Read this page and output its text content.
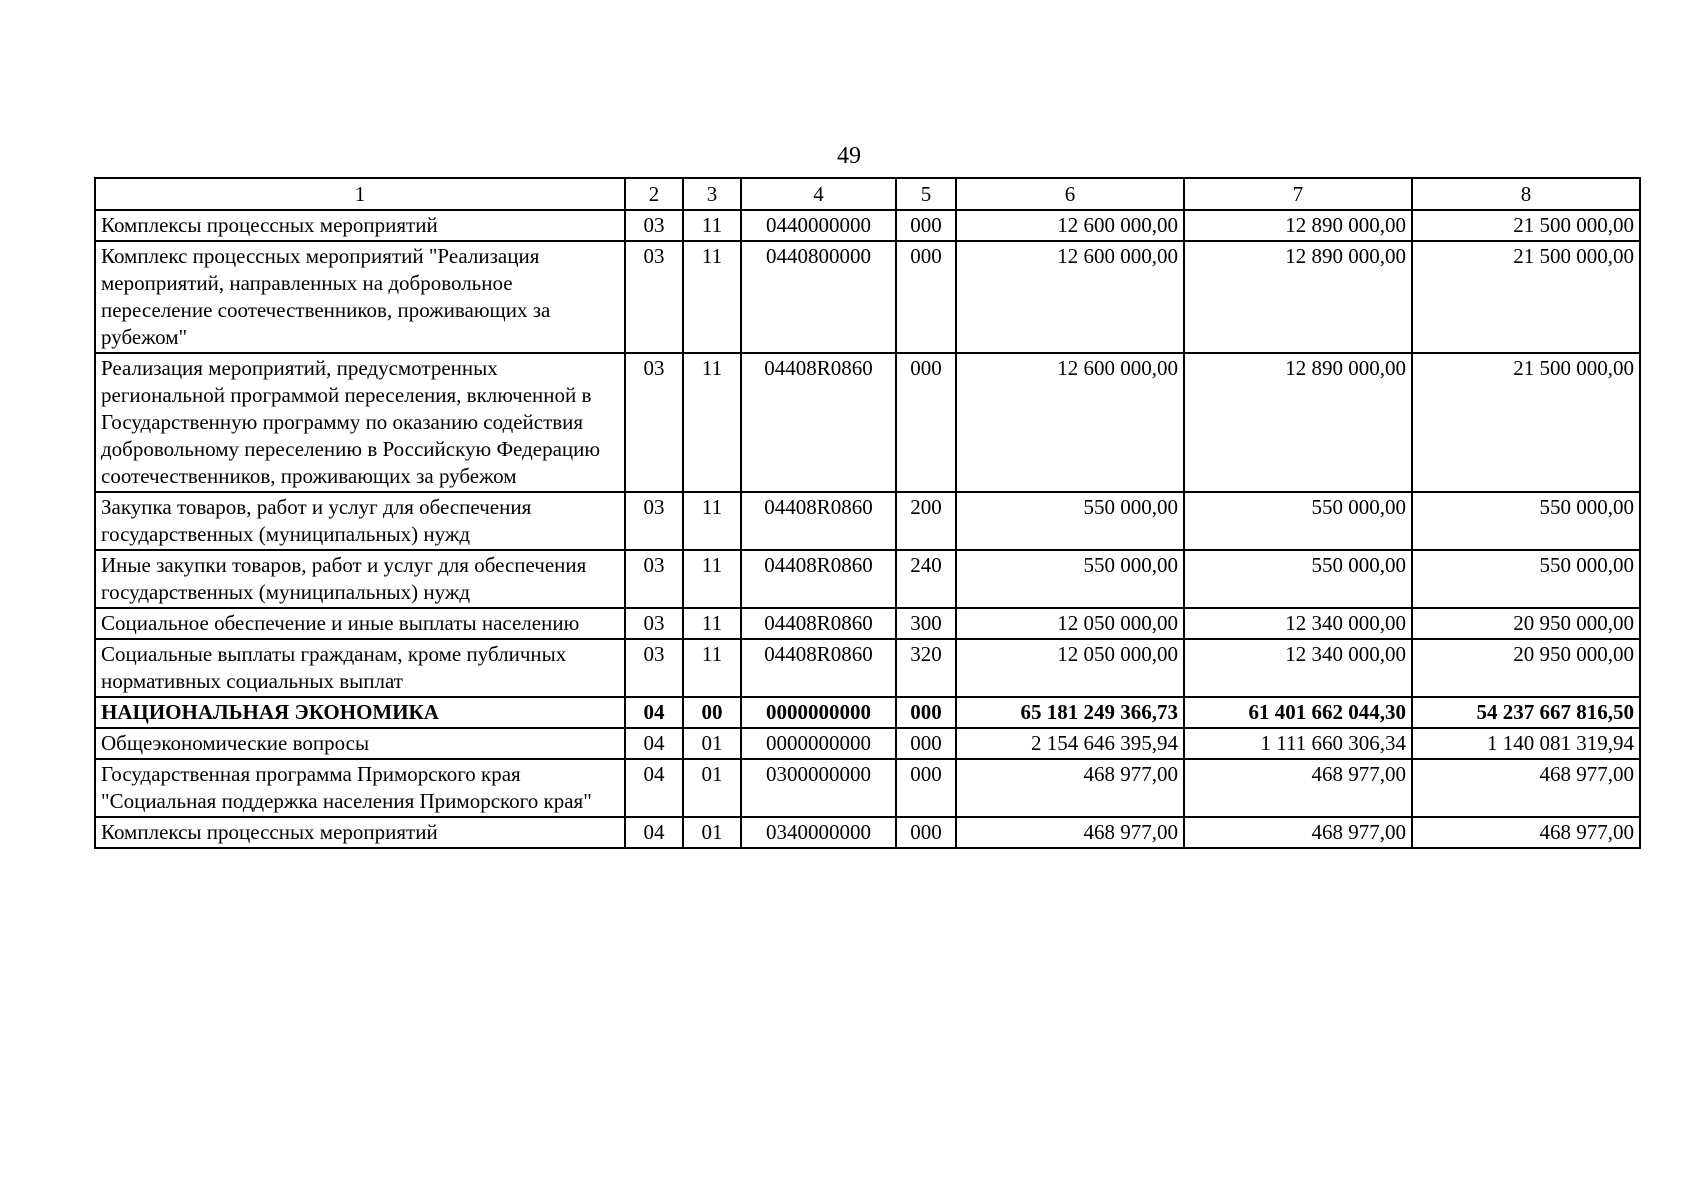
49
1	2	3	4	5	6	7	8
Комплексы процессных мероприятий	03	11	0440000000	000	12 600 000,00	12 890 000,00	21 500 000,00
Комплекс процессных мероприятий "Реализация мероприятий, направленных на добровольное переселение соотечественников, проживающих за рубежом"	03	11	0440800000	000	12 600 000,00	12 890 000,00	21 500 000,00
Реализация мероприятий, предусмотренных региональной программой переселения, включенной в Государственную программу по оказанию содействия добровольному переселению в Российскую Федерацию соотечественников, проживающих за рубежом	03	11	04408R0860	000	12 600 000,00	12 890 000,00	21 500 000,00
Закупка товаров, работ и услуг для обеспечения государственных (муниципальных) нужд	03	11	04408R0860	200	550 000,00	550 000,00	550 000,00
Иные закупки товаров, работ и услуг для обеспечения государственных (муниципальных) нужд	03	11	04408R0860	240	550 000,00	550 000,00	550 000,00
Социальное обеспечение и иные выплаты населению	03	11	04408R0860	300	12 050 000,00	12 340 000,00	20 950 000,00
Социальные выплаты гражданам, кроме публичных нормативных социальных выплат	03	11	04408R0860	320	12 050 000,00	12 340 000,00	20 950 000,00
НАЦИОНАЛЬНАЯ ЭКОНОМИКА	04	00	0000000000	000	65 181 249 366,73	61 401 662 044,30	54 237 667 816,50
Общеэкономические вопросы	04	01	0000000000	000	2 154 646 395,94	1 111 660 306,34	1 140 081 319,94
Государственная программа Приморского края "Социальная поддержка населения Приморского края"	04	01	0300000000	000	468 977,00	468 977,00	468 977,00
Комплексы процессных мероприятий	04	01	0340000000	000	468 977,00	468 977,00	468 977,00
